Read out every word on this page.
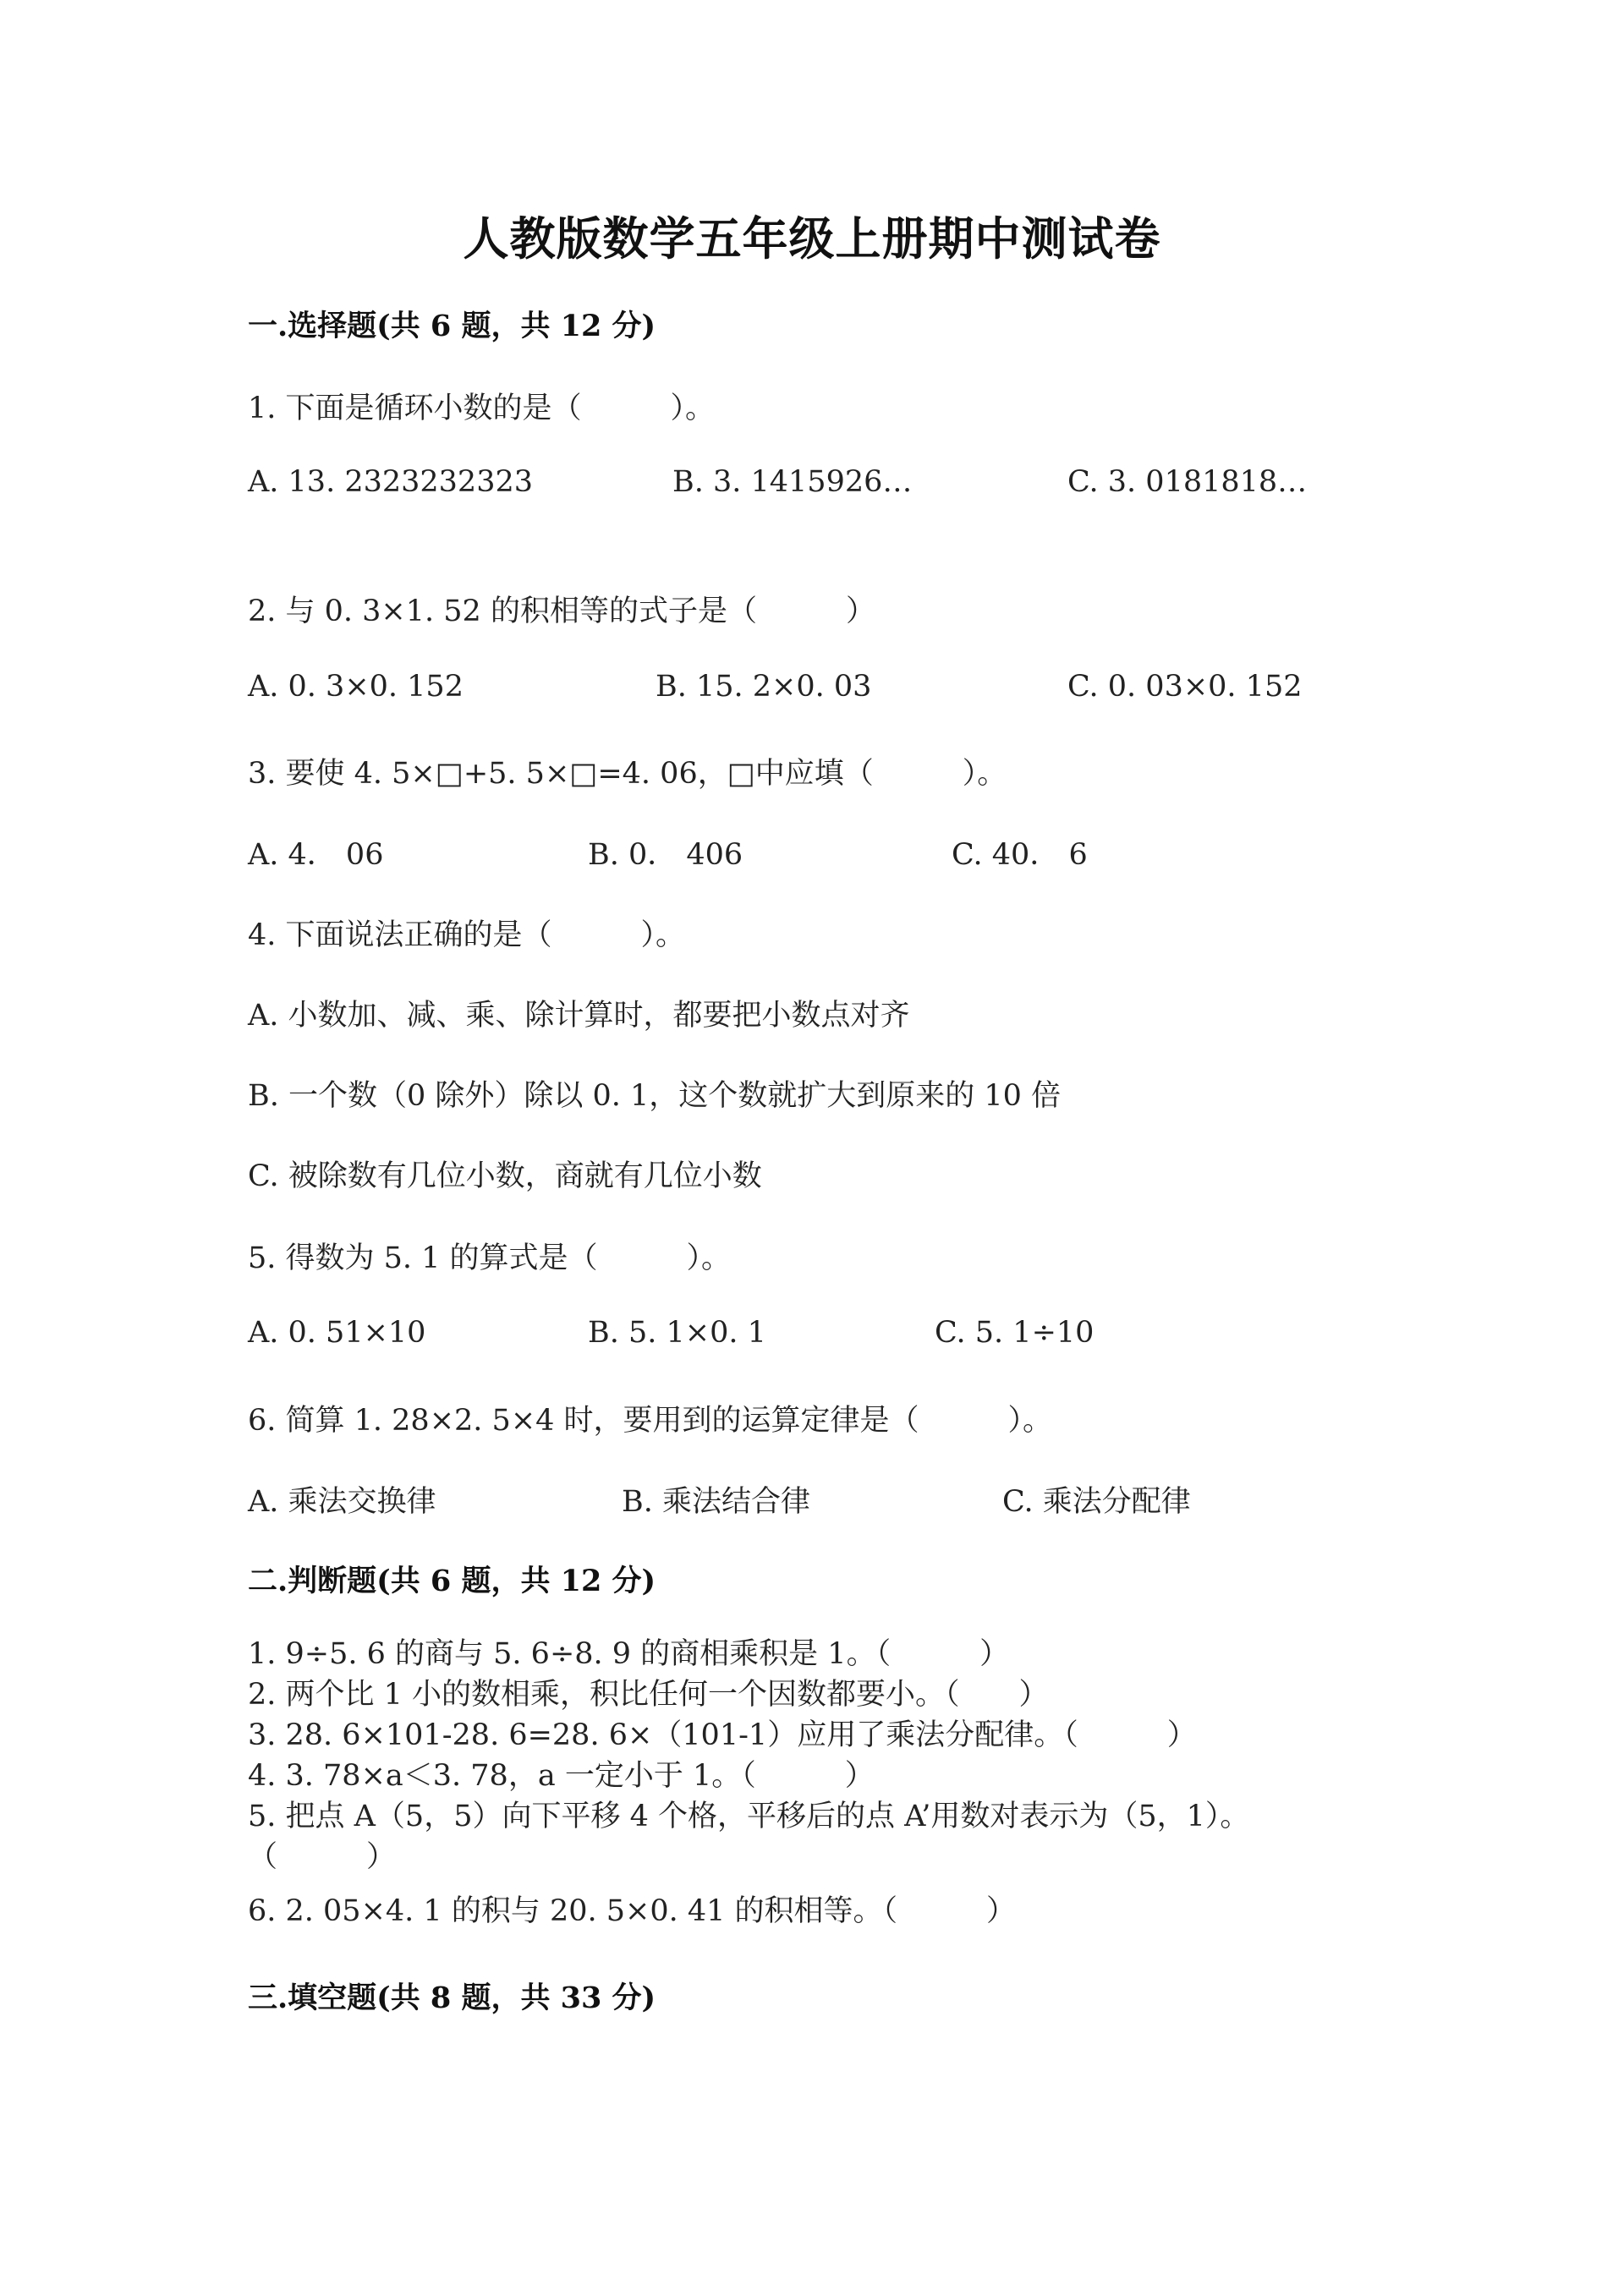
人教版数学五年级上册期中测试卷
一.选择题(共 6 题，共 12 分)
1. 下面是循环小数的是（　　　）。
A. 13. 2323232323	B. 3. 1415926…	C. 3. 0181818…
2. 与 0. 3×1. 52 的积相等的式子是（　　　）
A. 0. 3×0. 152	B. 15. 2×0. 03	C. 0. 03×0. 152
3. 要使 4. 5×□+5. 5×□=4. 06，□中应填（　　　）。
A. 4． 06	B. 0． 406	C. 40． 6
4. 下面说法正确的是（　　　）。
A. 小数加、减、乘、除计算时，都要把小数点对齐
B. 一个数（0 除外）除以 0. 1，这个数就扩大到原来的 10 倍
C. 被除数有几位小数，商就有几位小数
5. 得数为 5. 1 的算式是（　　　）。
A. 0. 51×10	B. 5. 1×0. 1	C. 5. 1÷10
6. 简算 1. 28×2. 5×4 时，要用到的运算定律是（　　　）。
A. 乘法交换律	B. 乘法结合律	C. 乘法分配律
二.判断题(共 6 题，共 12 分)
1. 9÷5. 6 的商与 5. 6÷8. 9 的商相乘积是 1。（　　　）
2. 两个比 1 小的数相乘，积比任何一个因数都要小。（　　）
3. 28. 6×101-28. 6=28. 6×（101-1）应用了乘法分配律。（　　　）
4. 3. 78×a＜3. 78，a 一定小于 1。（　　　）
5. 把点 A（5，5）向下平移 4 个格，平移后的点 A’用数对表示为（5，1）。
（　　　）
6. 2. 05×4. 1 的积与 20. 5×0. 41 的积相等。（　　　）
三.填空题(共 8 题，共 33 分)
